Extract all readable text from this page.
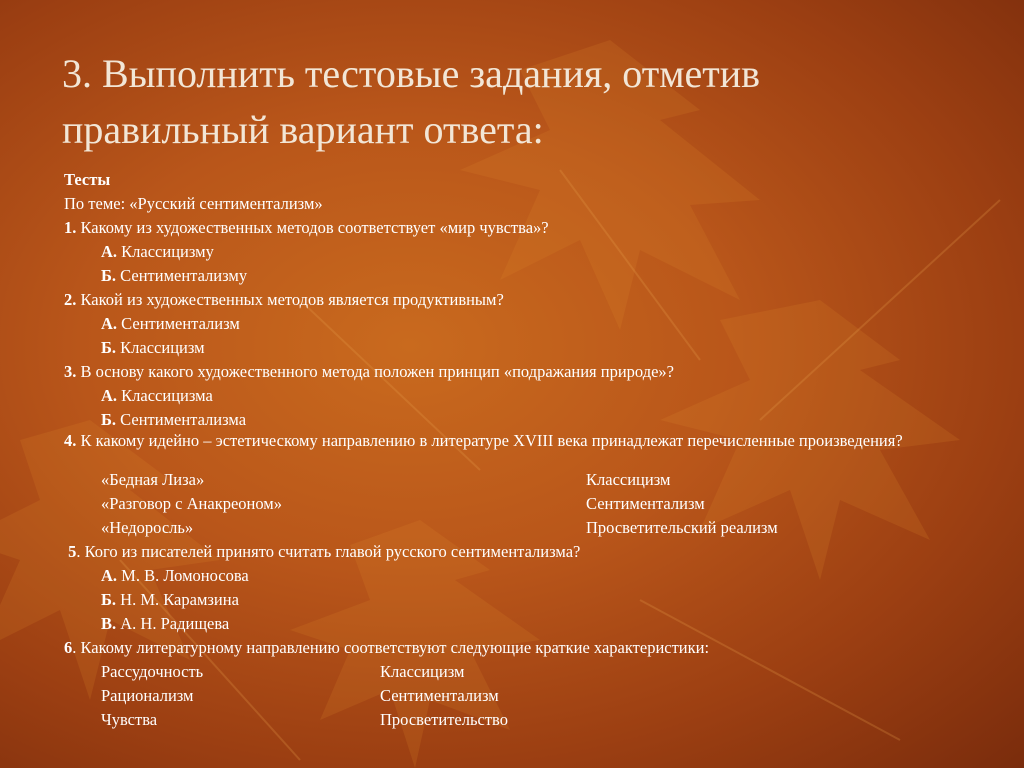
3. Выполнить тестовые задания, отметив правильный вариант ответа:
Тесты
По теме: «Русский сентиментализм»
1. Какому из художественных методов соответствует «мир чувства»?
А. Классицизму
Б. Сентиментализму
2. Какой из художественных методов является продуктивным?
А. Сентиментализм
Б. Классицизм
3. В основу какого художественного метода положен принцип «подражания природе»?
А. Классицизма
Б. Сентиментализма
4. К какому идейно – эстетическому направлению в литературе XVIII века принадлежат перечисленные произведения?
«Бедная Лиза»	Классицизм
«Разговор с Анакреоном»	Сентиментализм
«Недоросль»	Просветительский реализм
5. Кого из писателей принято считать главой русского сентиментализма?
А. М. В. Ломоносова
Б. Н. М. Карамзина
В. А. Н. Радищева
6. Какому литературному направлению соответствуют следующие краткие характеристики:
Рассудочность	Классицизм
Рационализм	Сентиментализм
Чувства	Просветительство
